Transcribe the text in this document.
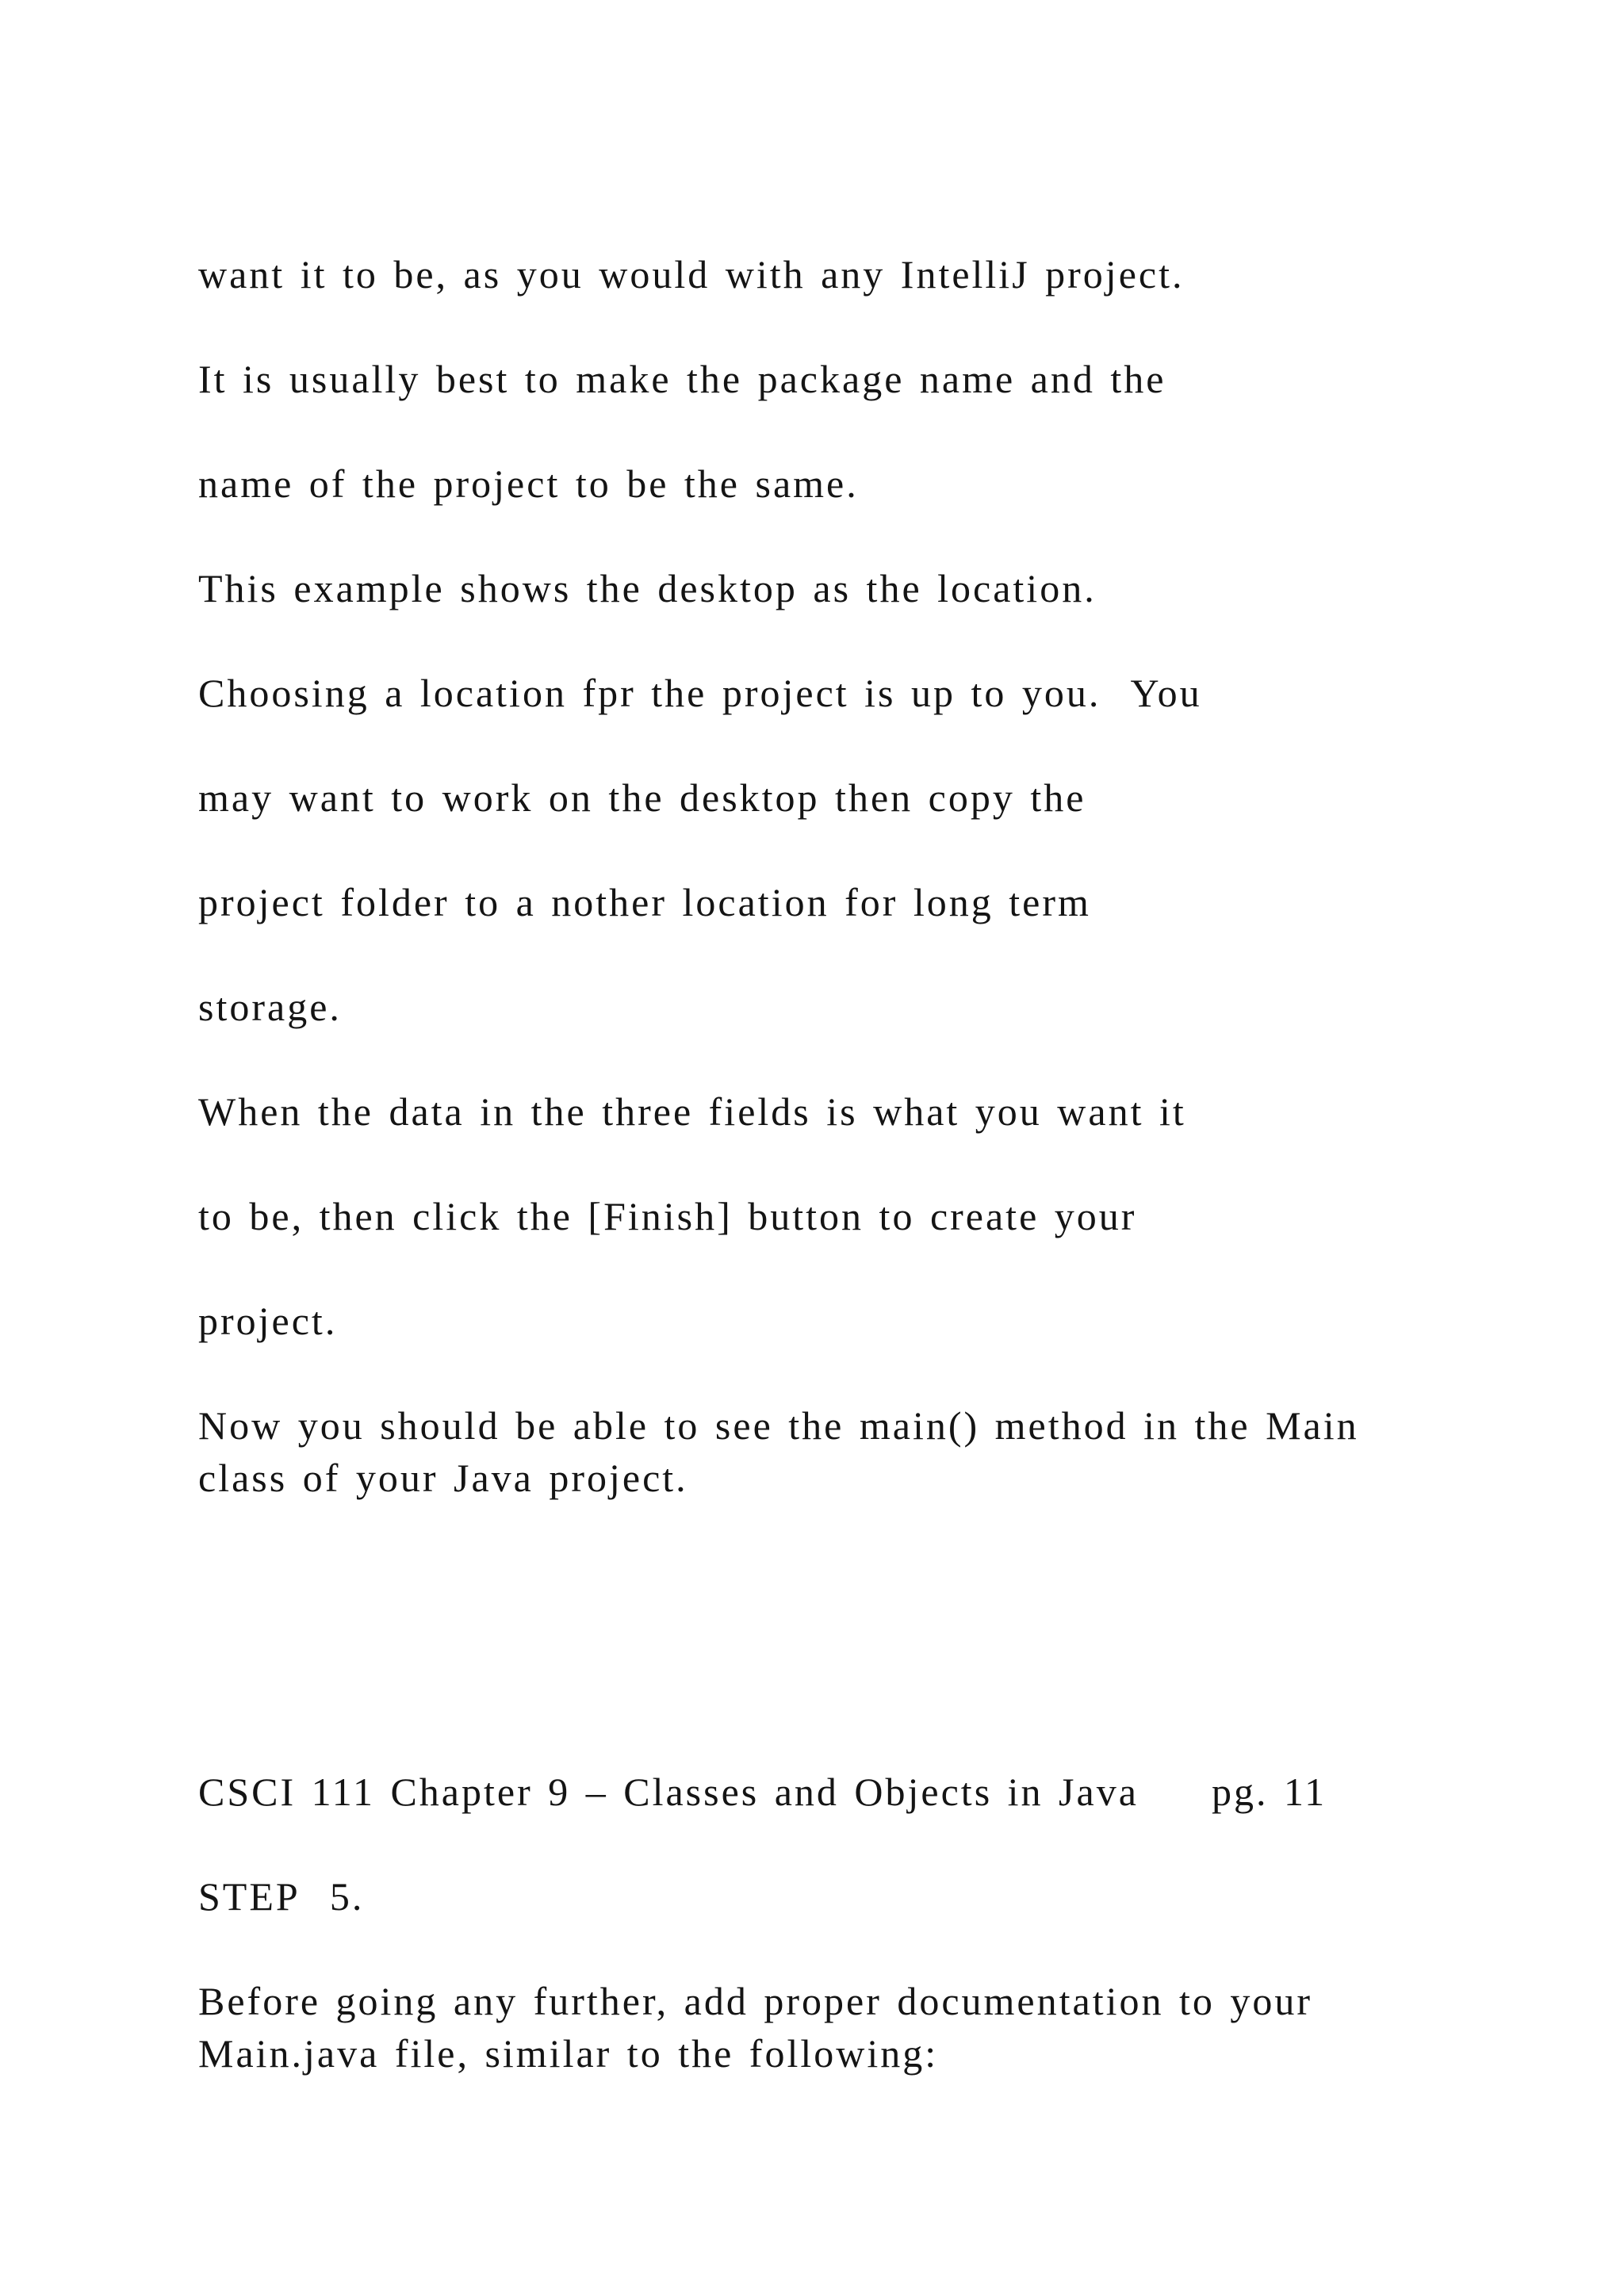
want it to be, as you would with any IntelliJ project.

It is usually best to make the package name and the

name of the project to be the same.

This example shows the desktop as the location.

Choosing a location fpr the project is up to you.  You

may want to work on the desktop then copy the

project folder to a nother location for long term

storage.

When the data in the three fields is what you want it

to be, then click the [Finish] button to create your

project.

Now you should be able to see the main() method in the Main

class of your Java project.

CSCI 111 Chapter 9 – Classes and Objects in Java pg. 11

STEP  5.

Before going any further, add proper documentation to your

Main.java file, similar to the following:
